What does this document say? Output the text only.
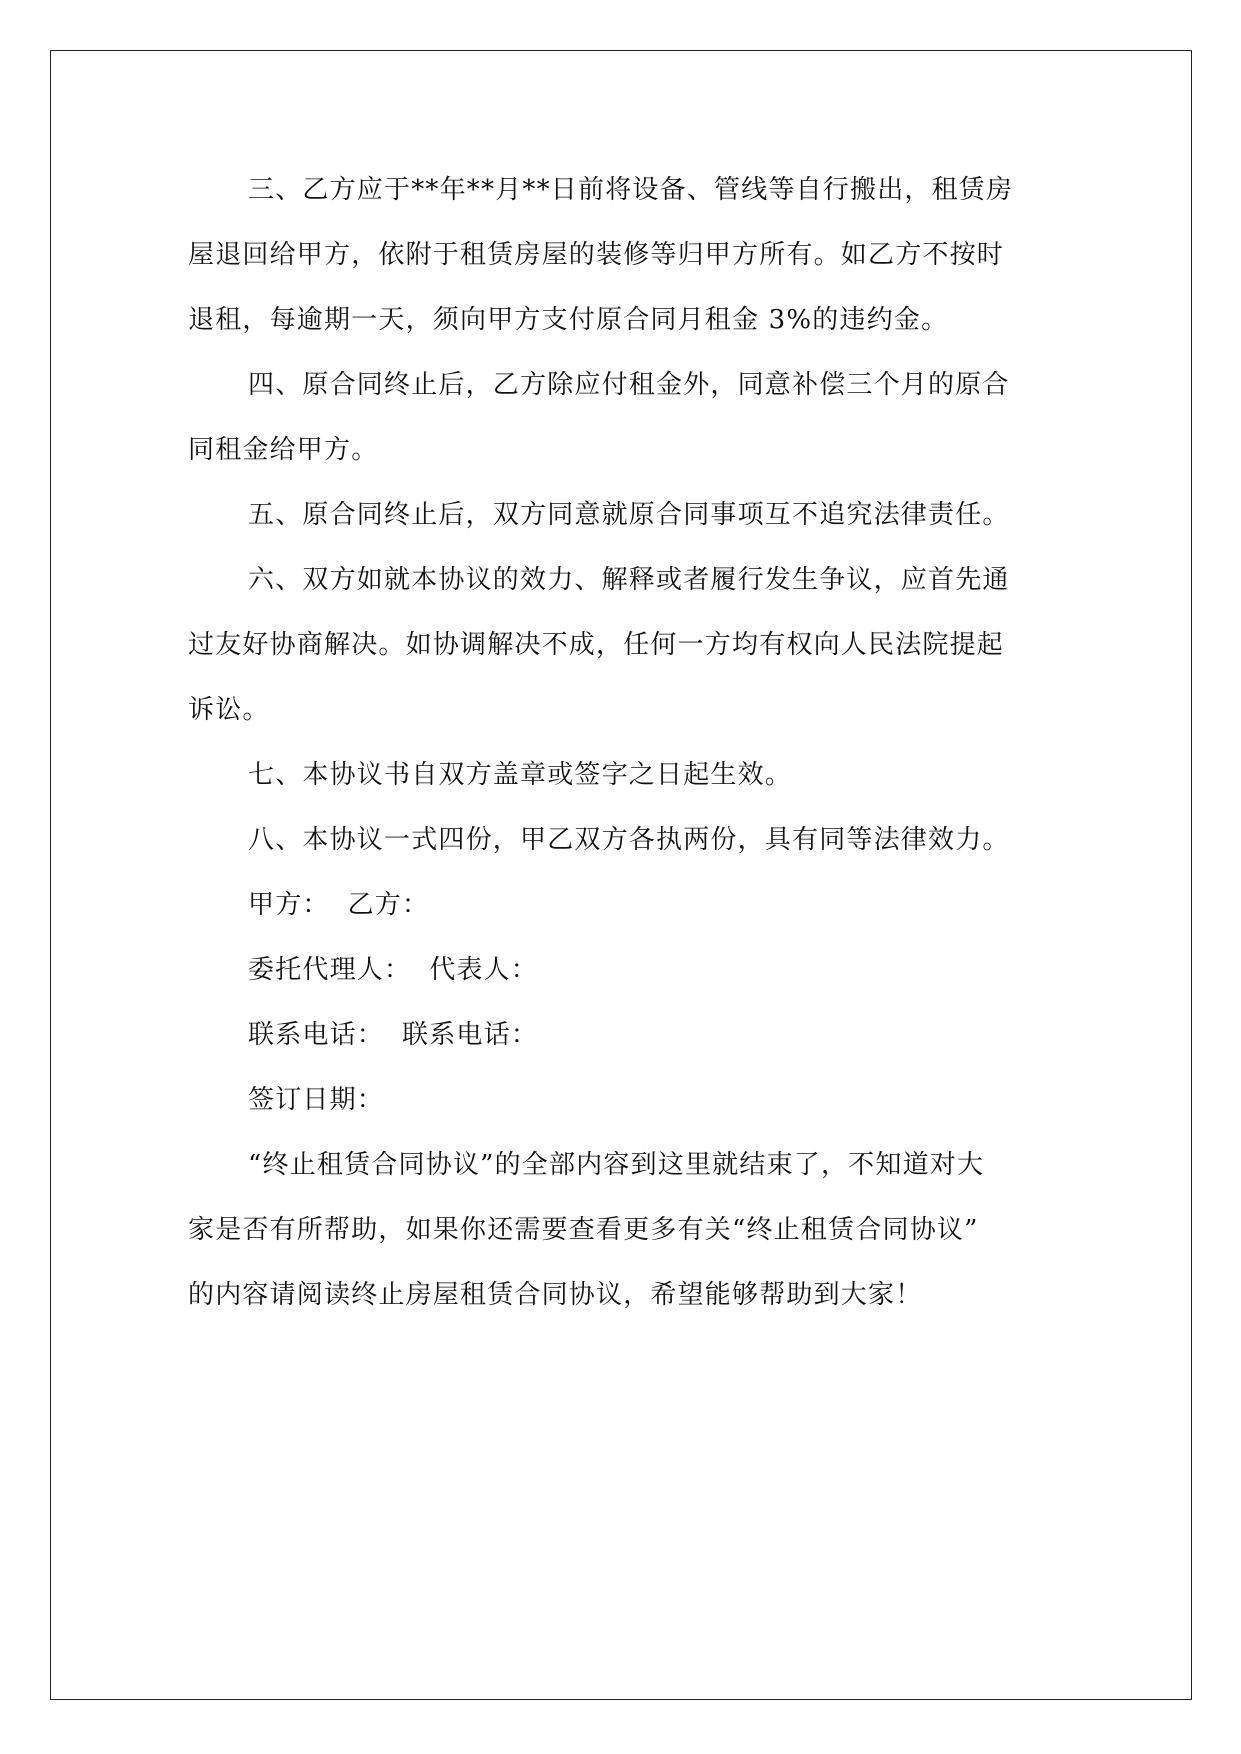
三、乙方应于**年**月**日前将设备、管线等自行搬出，租赁房
屋退回给甲方，依附于租赁房屋的装修等归甲方所有。如乙方不按时
退租，每逾期一天，须向甲方支付原合同月租金 3%的违约金。
四、原合同终止后，乙方除应付租金外，同意补偿三个月的原合
同租金给甲方。
五、原合同终止后，双方同意就原合同事项互不追究法律责任。
六、双方如就本协议的效力、解释或者履行发生争议，应首先通
过友好协商解决。如协调解决不成，任何一方均有权向人民法院提起
诉讼。
七、本协议书自双方盖章或签字之日起生效。
八、本协议一式四份，甲乙双方各执两份，具有同等法律效力。
甲方： 乙方：
委托代理人： 代表人：
联系电话： 联系电话：
签订日期：
“终止租赁合同协议”的全部内容到这里就结束了，不知道对大
家是否有所帮助，如果你还需要查看更多有关“终止租赁合同协议”
的内容请阅读终止房屋租赁合同协议，希望能够帮助到大家！
